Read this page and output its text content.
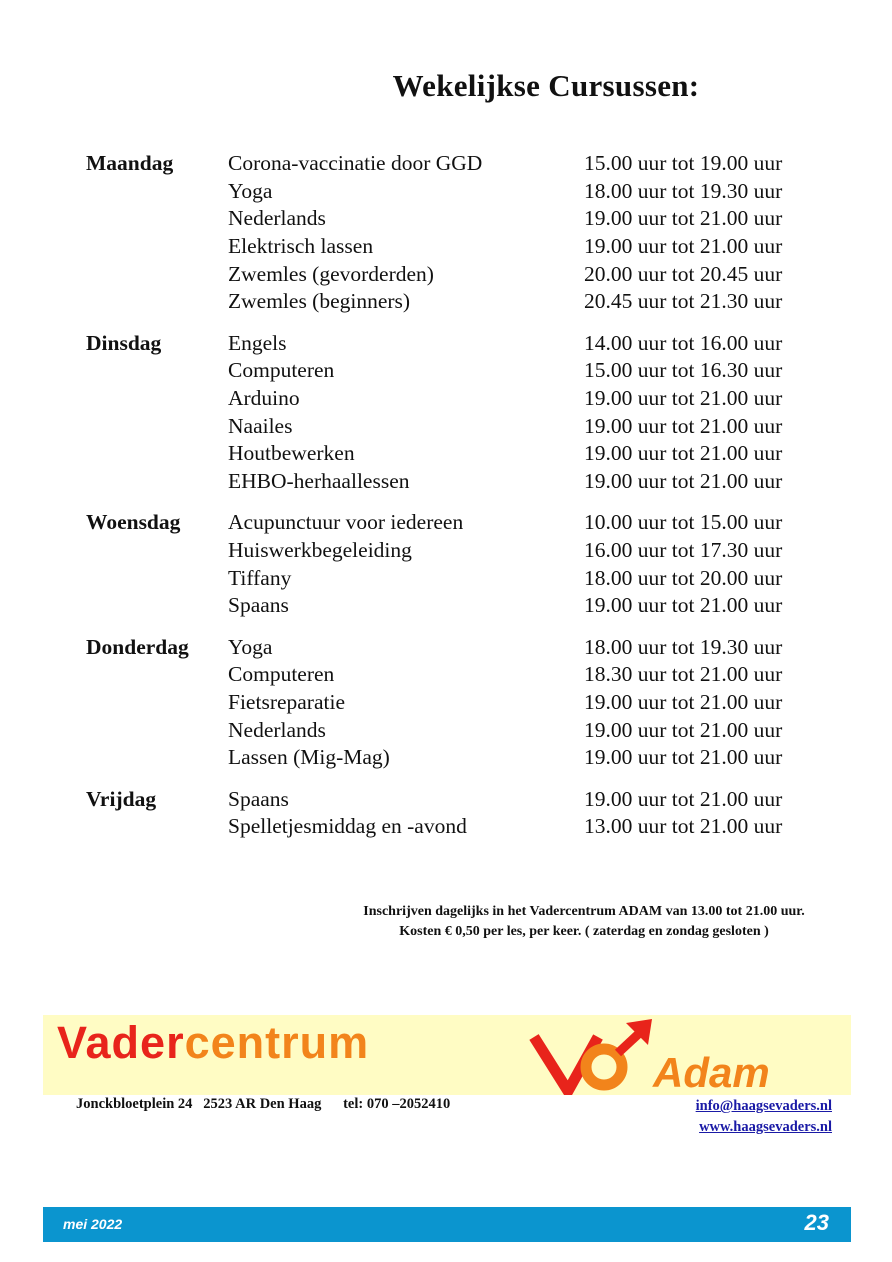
Wekelijkse Cursussen:
Maandag	Corona-vaccinatie door GGD	15.00 uur tot 19.00 uur
Yoga	18.00 uur tot 19.30 uur
Nederlands	19.00 uur tot 21.00 uur
Elektrisch lassen	19.00 uur tot 21.00 uur
Zwemles (gevorderden)	20.00 uur tot 20.45 uur
Zwemles (beginners)	20.45 uur tot 21.30 uur
Dinsdag	Engels	14.00 uur tot 16.00 uur
Computeren	15.00 uur tot 16.30 uur
Arduino	19.00 uur tot 21.00 uur
Naailes	19.00 uur tot 21.00 uur
Houtbewerken	19.00 uur tot 21.00 uur
EHBO-herhaallessen	19.00 uur tot 21.00 uur
Woensdag	Acupunctuur voor iedereen	10.00 uur tot 15.00 uur
Huiswerkbegeleiding	16.00 uur tot 17.30 uur
Tiffany	18.00 uur tot 20.00 uur
Spaans	19.00 uur tot 21.00 uur
Donderdag	Yoga	18.00 uur tot 19.30 uur
Computeren	18.30 uur tot 21.00 uur
Fietsreparatie	19.00 uur tot 21.00 uur
Nederlands	19.00 uur tot 21.00 uur
Lassen (Mig-Mag)	19.00 uur tot 21.00 uur
Vrijdag	Spaans	19.00 uur tot 21.00 uur
Spelletjesmiddag en -avond	13.00 uur tot 21.00 uur

Inschrijven dagelijks in het Vadercentrum ADAM van 13.00 tot 21.00 uur.

Kosten € 0,50 per les, per keer. ( zaterdag en zondag gesloten )

Vadercentrum
Adam
Jonckbloetplein 24 2523 AR Den Haag tel: 070 –2052410	info@haagsevaders.nl
www.haagsevaders.nl
mei 2022	23
